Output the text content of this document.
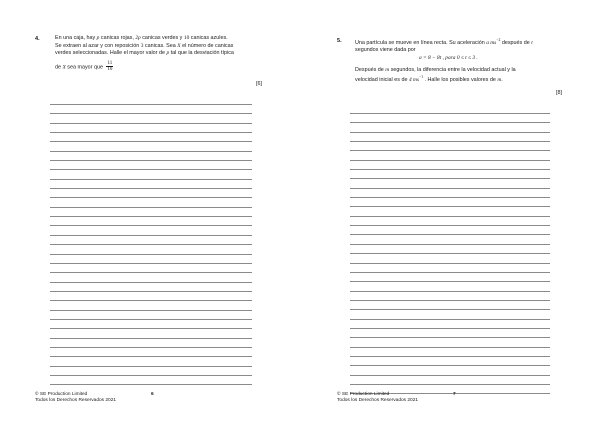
4.	En una caja, hay p canicas rojas, 2p canicas verdes y 10 canicas azules.
Se extraen al azar y con reposición 3 canicas. Sea X el número de canicas
verdes seleccionadas. Halle el mayor valor de p tal que la desviación típica
de X sea mayor que $\frac{11}{10}$
[6]
© SE Production Limited
Todos los Derechos Reservados 2021
6
5. Una partícula se mueve en línea recta. Su aceleración a $ms^{-2}$ después de t
segundos viene dada por
a = 8 − 8t , para 0 ≤ t ≤ 3 .
Después de m segundos, la diferencia entre la velocidad actual y la
velocidad inicial es de 4 $ms^{-1}$ . Halle los posibles valores de m.
[8]
© SE Production Limited
Todos los Derechos Reservados 2021
7
